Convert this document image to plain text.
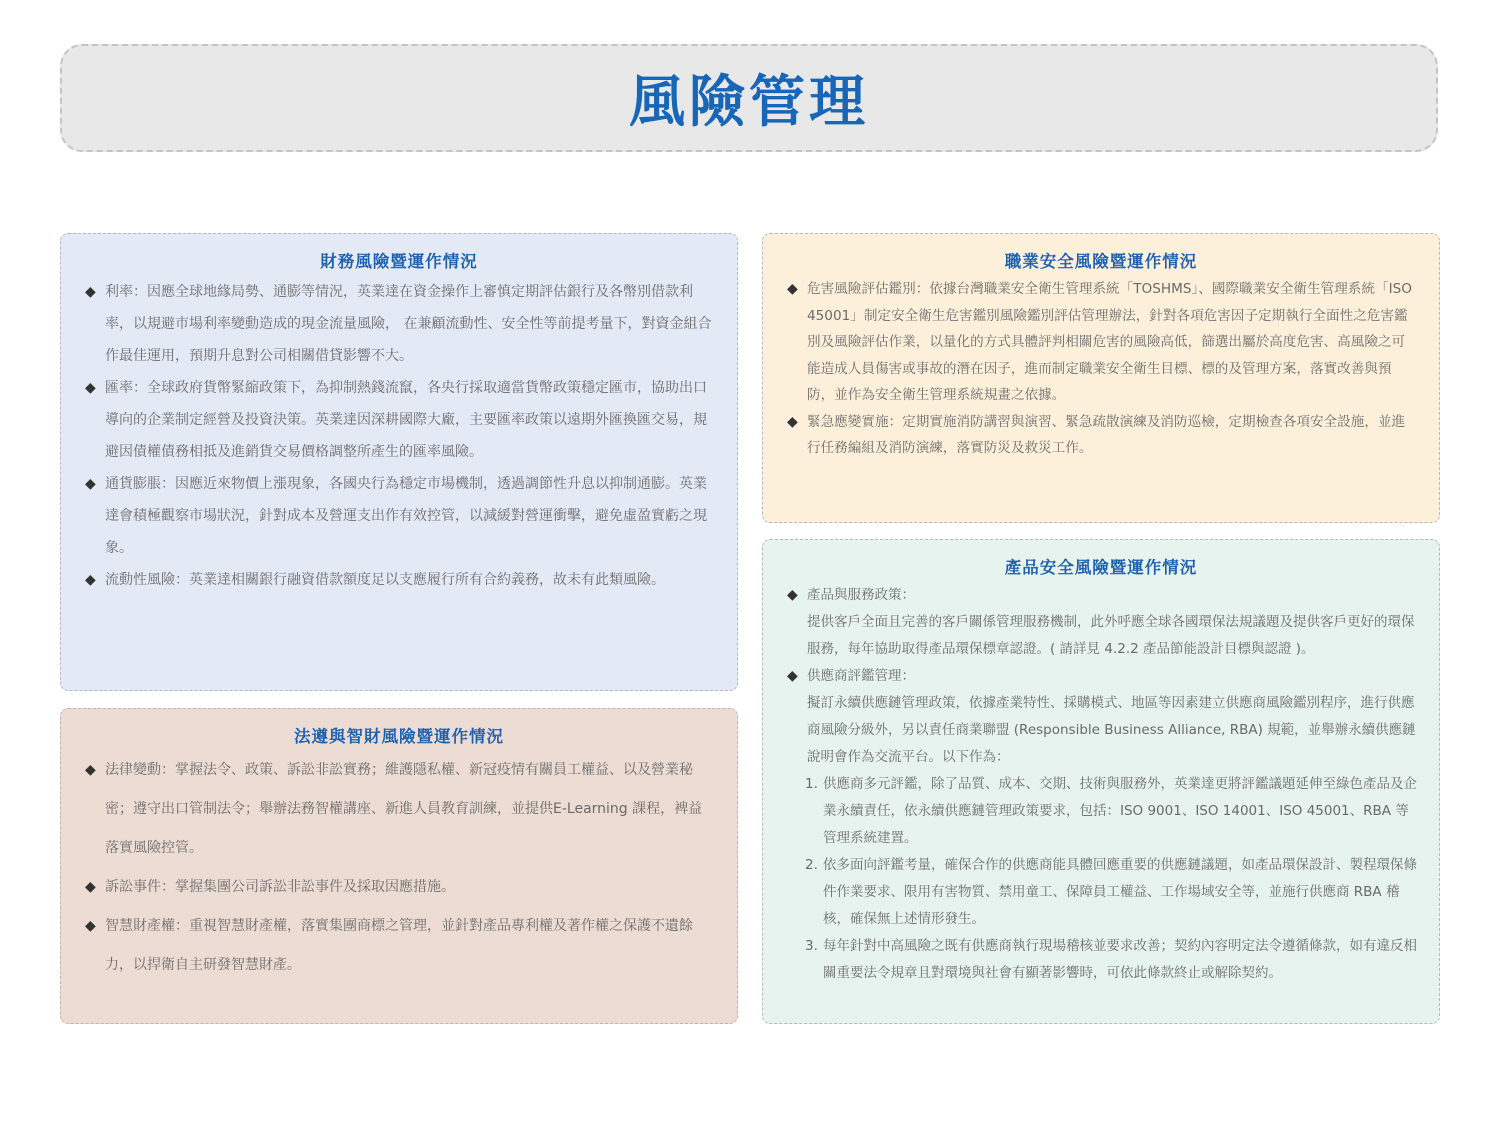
風險管理
財務風險暨運作情況
◆ 利率：因應全球地緣局勢、通膨等情況，英業達在資金操作上審慎定期評估銀行及各幣別借款利率，以規避市場利率變動造成的現金流量風險， 在兼顧流動性、安全性等前提考量下，對資金組合作最佳運用，預期升息對公司相關借貸影響不大。
◆ 匯率：全球政府貨幣緊縮政策下，為抑制熱錢流竄，各央行採取適當貨幣政策穩定匯市，協助出口導向的企業制定經營及投資決策。英業達因深耕國際大廠，主要匯率政策以遠期外匯換匯交易，規避因債權債務相抵及進銷貨交易價格調整所產生的匯率風險。
◆ 通貨膨脹：因應近來物價上漲現象，各國央行為穩定市場機制，透過調節性升息以抑制通膨。英業達會積極觀察市場狀況，針對成本及營運支出作有效控管，以減緩對營運衝擊，避免虛盈實虧之現象。
◆ 流動性風險：英業達相關銀行融資借款額度足以支應履行所有合約義務，故未有此類風險。
法遵與智財風險暨運作情況
◆ 法律變動：掌握法令、政策、訴訟非訟實務；維護隱私權、新冠疫情有關員工權益、以及營業秘密；遵守出口管制法令；舉辦法務智權講座、新進人員教育訓練，並提供E-Learning 課程，裨益落實風險控管。
◆ 訴訟事件：掌握集團公司訴訟非訟事件及採取因應措施。
◆ 智慧財產權：重視智慧財產權，落實集團商標之管理，並針對產品專利權及著作權之保護不遺餘力，以捍衛自主研發智慧財產。
職業安全風險暨運作情況
◆ 危害風險評估鑑別：依據台灣職業安全衛生管理系統「TOSHMS」、國際職業安全衛生管理系統「ISO 45001」制定安全衛生危害鑑別風險鑑別評估管理辦法，針對各項危害因子定期執行全面性之危害鑑別及風險評估作業，以量化的方式具體評判相關危害的風險高低，篩選出屬於高度危害、高風險之可能造成人員傷害或事故的潛在因子，進而制定職業安全衛生目標、標的及管理方案，落實改善與預防，並作為安全衛生管理系統規畫之依據。
◆ 緊急應變實施：定期實施消防講習與演習、緊急疏散演練及消防巡檢，定期檢查各項安全設施，並進行任務編組及消防演練，落實防災及救災工作。
產品安全風險暨運作情況
◆ 產品與服務政策：
提供客戶全面且完善的客戶關係管理服務機制，此外呼應全球各國環保法規議題及提供客戶更好的環保服務，每年協助取得產品環保標章認證。( 請詳見 4.2.2 產品節能設計目標與認證 )。
◆ 供應商評鑑管理：
擬訂永續供應鏈管理政策，依據產業特性、採購模式、地區等因素建立供應商風險鑑別程序，進行供應商風險分級外，另以責任商業聯盟 (Responsible Business Alliance, RBA) 規範，並舉辦永續供應鏈說明會作為交流平台。以下作為：
1. 供應商多元評鑑，除了品質、成本、交期、技術與服務外，英業達更將評鑑議題延伸至綠色產品及企業永續責任，依永續供應鏈管理政策要求，包括：ISO 9001、ISO 14001、ISO 45001、RBA 等管理系統建置。
2. 依多面向評鑑考量，確保合作的供應商能具體回應重要的供應鏈議題，如產品環保設計、製程環保條件作業要求、限用有害物質、禁用童工、保障員工權益、工作場域安全等，並施行供應商 RBA 稽核，確保無上述情形發生。
3. 每年針對中高風險之既有供應商執行現場稽核並要求改善；契約內容明定法令遵循條款，如有違反相關重要法令規章且對環境與社會有顯著影響時，可依此條款終止或解除契約。
